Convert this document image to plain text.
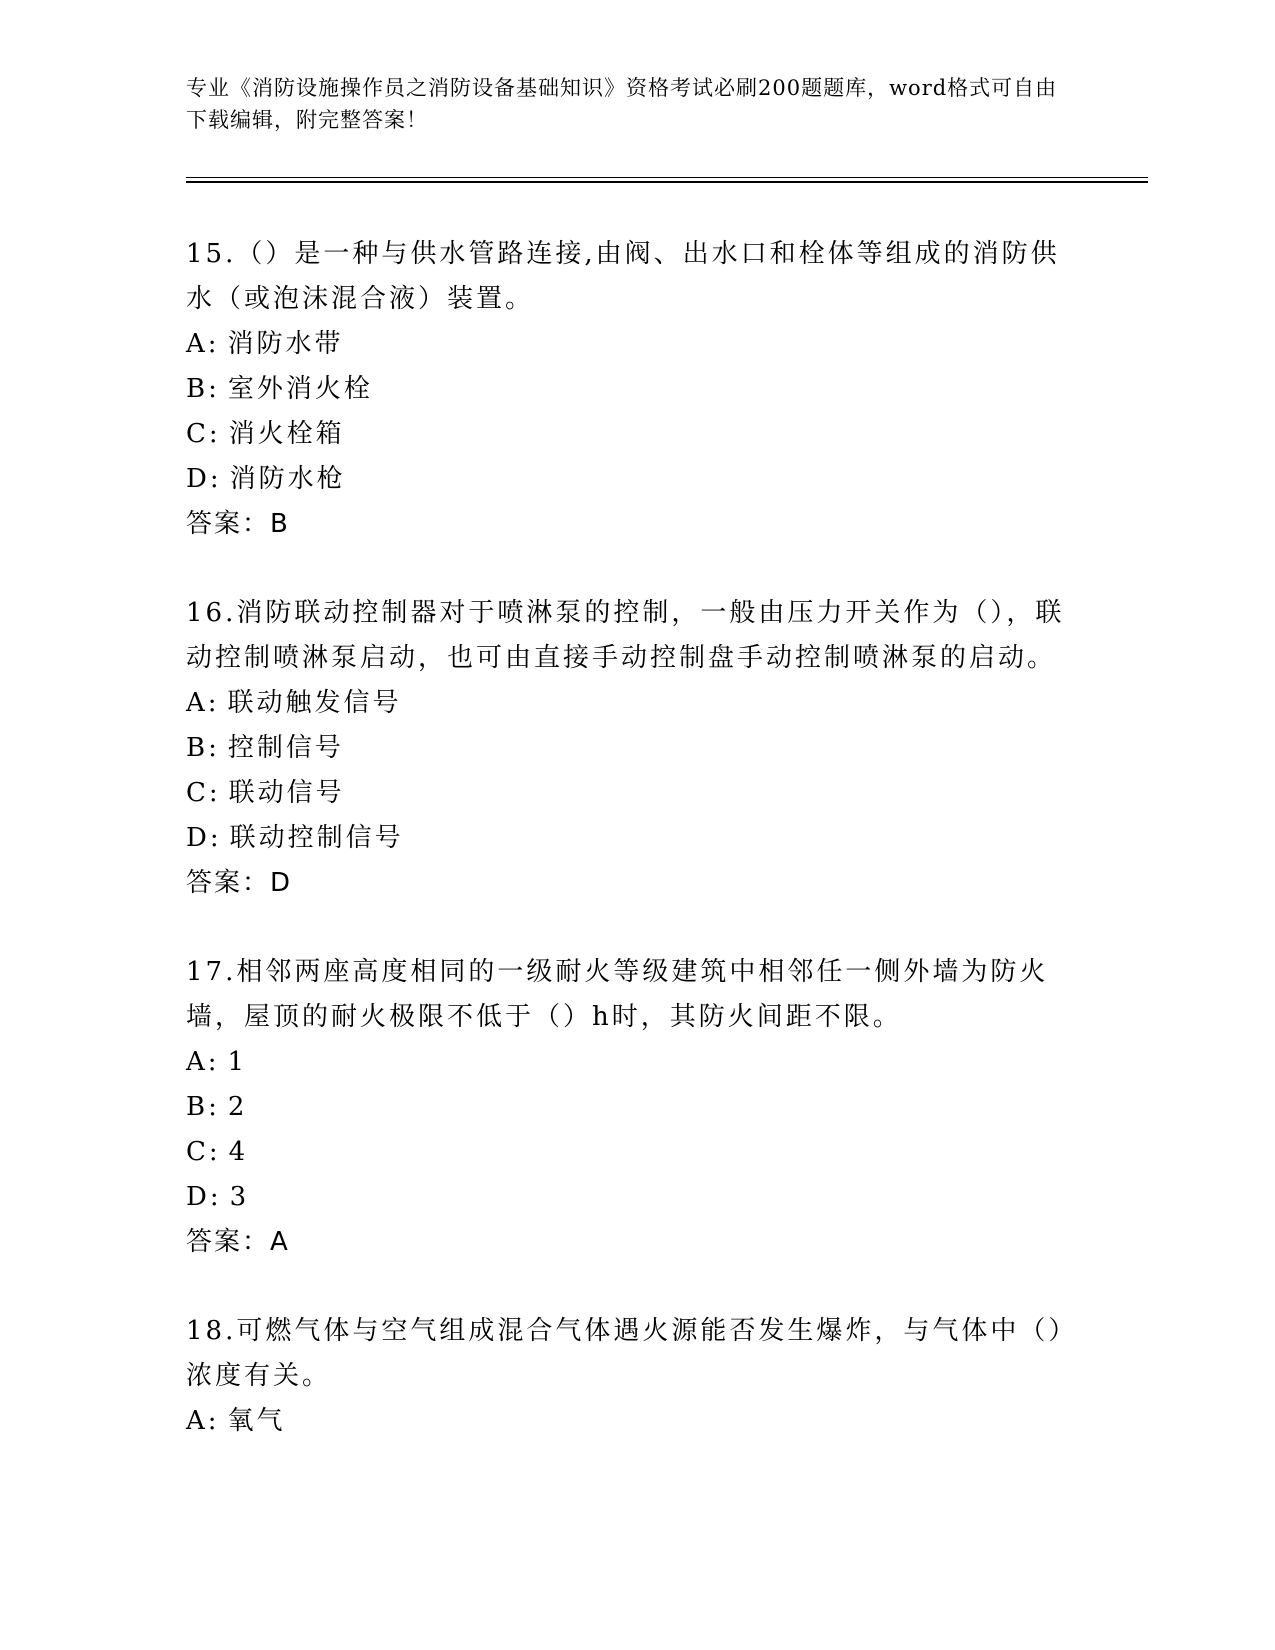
专业《消防设施操作员之消防设备基础知识》资格考试必刷200题题库，word格式可自由下载编辑，附完整答案！

15.（）是一种与供水管路连接,由阀、出水口和栓体等组成的消防供水（或泡沫混合液）装置。

A: 消防水带

B: 室外消火栓

C: 消火栓箱

D: 消防水枪

答案：B

16.消防联动控制器对于喷淋泵的控制，一般由压力开关作为（），联动控制喷淋泵启动，也可由直接手动控制盘手动控制喷淋泵的启动。

A: 联动触发信号

B: 控制信号

C: 联动信号

D: 联动控制信号

答案：D

17.相邻两座高度相同的一级耐火等级建筑中相邻任一侧外墙为防火墙，屋顶的耐火极限不低于（）h时，其防火间距不限。

A: 1

B: 2

C: 4

D: 3

答案：A

18.可燃气体与空气组成混合气体遇火源能否发生爆炸，与气体中（）浓度有关。

A: 氧气
